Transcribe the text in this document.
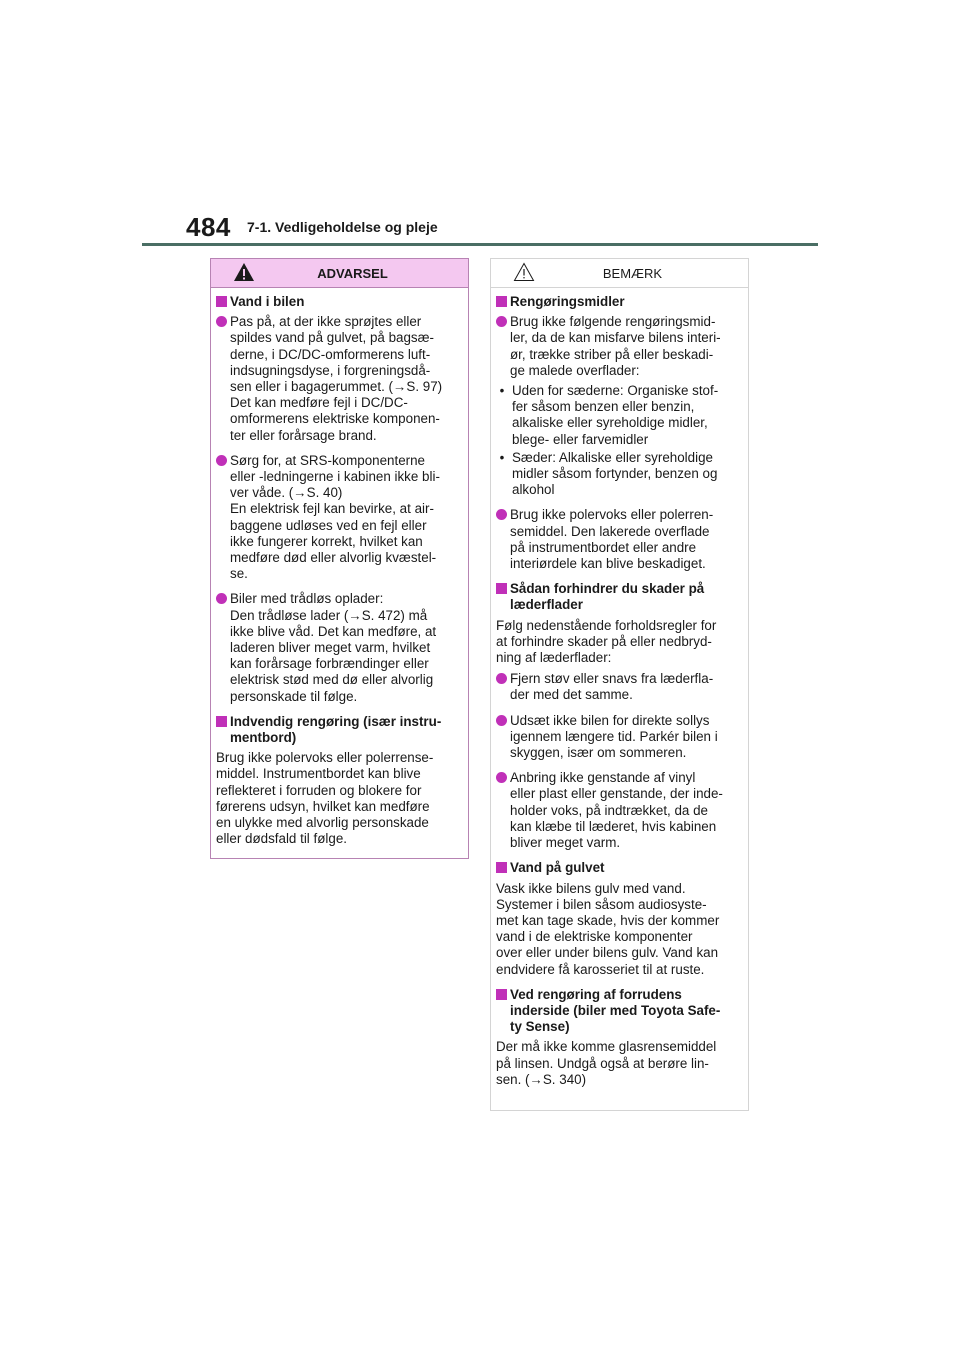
484 7-1. Vedligeholdelse og pleje
ADVARSEL
Vand i bilen
Pas på, at der ikke sprøjtes eller
spildes vand på gulvet, på bagsæ-
derne, i DC/DC-omformerens luft-
indsugningsdyse, i forgreningsdå-
sen eller i bagagerummet. (→S. 97)
Det kan medføre fejl i DC/DC-
omformerens elektriske komponen-
ter eller forårsage brand.
Sørg for, at SRS-komponenterne
eller -ledningerne i kabinen ikke bli-
ver våde. (→S. 40)
En elektrisk fejl kan bevirke, at air-
baggene udløses ved en fejl eller
ikke fungerer korrekt, hvilket kan
medføre død eller alvorlig kvæstel-
se.
Biler med trådløs oplader:
Den trådløse lader (→S. 472) må
ikke blive våd. Det kan medføre, at
laderen bliver meget varm, hvilket
kan forårsage forbrændinger eller
elektrisk stød med dø eller alvorlig
personskade til følge.
Indvendig rengøring (især instru-
mentbord)
Brug ikke polervoks eller polerrense-
middel. Instrumentbordet kan blive
reflekteret i forruden og blokere for
førerens udsyn, hvilket kan medføre
en ulykke med alvorlig personskade
eller dødsfald til følge.
BEMÆRK
Rengøringsmidler
Brug ikke følgende rengøringsmid-
ler, da de kan misfarve bilens interi-
ør, trække striber på eller beskadi-
ge malede overflader:
• Uden for sæderne: Organiske stof-
fer såsom benzen eller benzin,
alkaliske eller syreholdige midler,
blege- eller farvemidler
• Sæder: Alkaliske eller syreholdige
midler såsom fortynder, benzen og
alkohol
Brug ikke polervoks eller polerren-
semiddel. Den lakerede overflade
på instrumentbordet eller andre
interiørdele kan blive beskadiget.
Sådan forhindrer du skader på
læderflader
Følg nedenstående forholdsregler for
at forhindre skader på eller nedbryd-
ning af læderflader:
Fjern støv eller snavs fra læderfla-
der med det samme.
Udsæt ikke bilen for direkte sollys
igennem længere tid. Parkér bilen i
skyggen, især om sommeren.
Anbring ikke genstande af vinyl
eller plast eller genstande, der inde-
holder voks, på indtrækket, da de
kan klæbe til læderet, hvis kabinen
bliver meget varm.
Vand på gulvet
Vask ikke bilens gulv med vand.
Systemer i bilen såsom audiosyste-
met kan tage skade, hvis der kommer
vand i de elektriske komponenter
over eller under bilens gulv. Vand kan
endvidere få karosseriet til at ruste.
Ved rengøring af forrudens
inderside (biler med Toyota Safe-
ty Sense)
Der må ikke komme glasrensemiddel
på linsen. Undgå også at berøre lin-
sen. (→S. 340)
